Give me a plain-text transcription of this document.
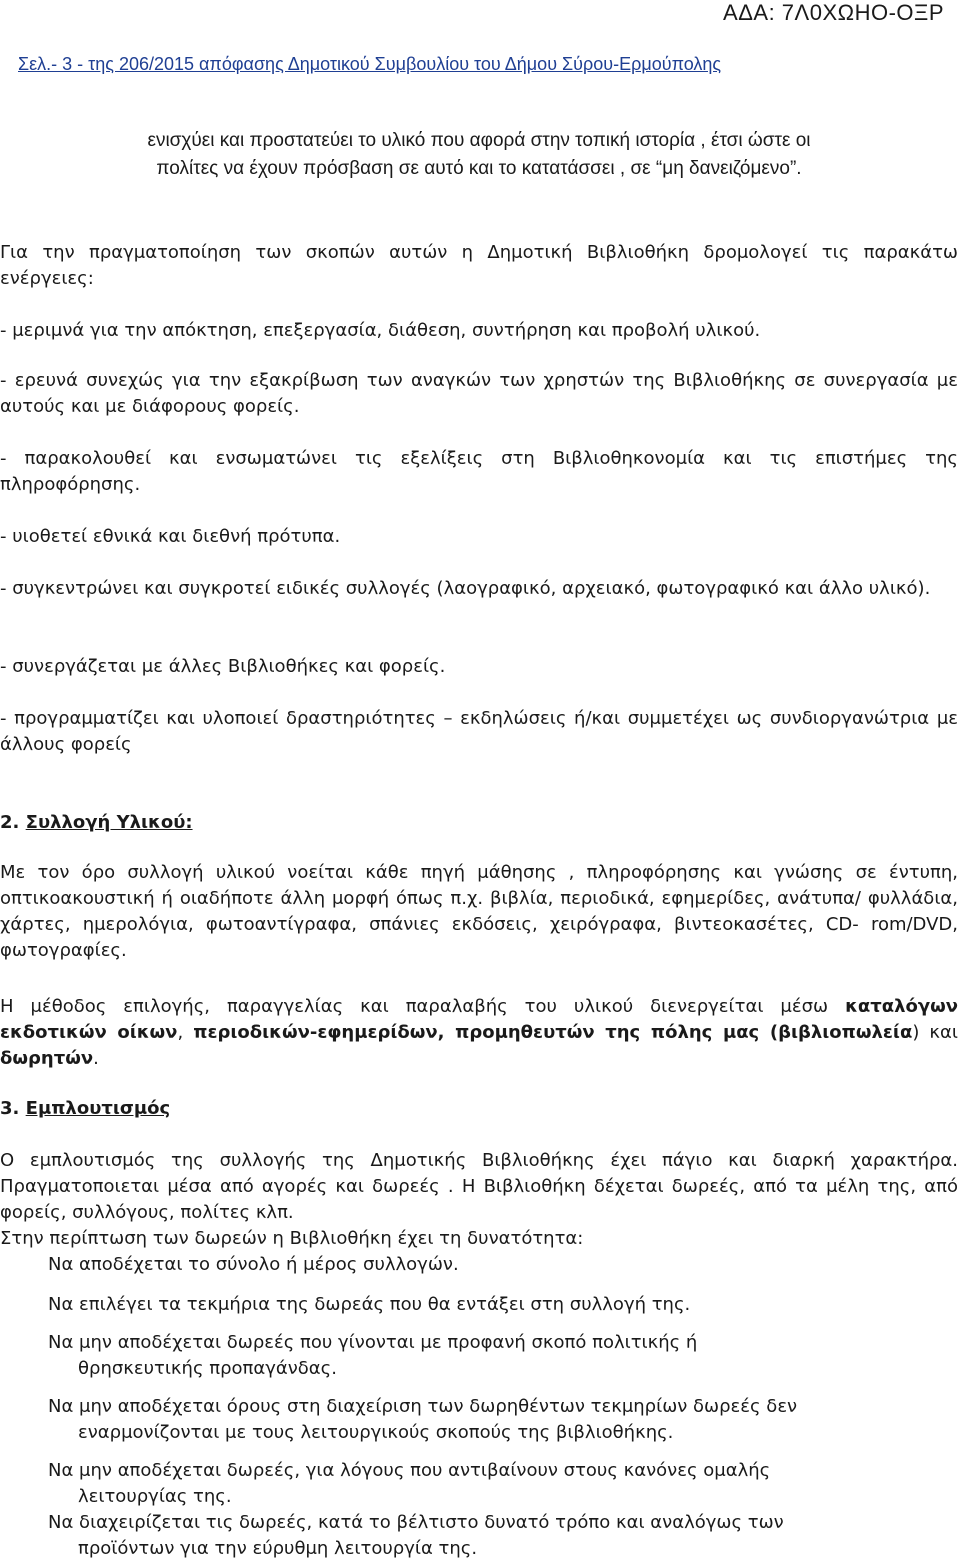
ΑΔΑ: 7Λ0ΧΩΗΟ-ΟΞΡ
Σελ.- 3 - της 206/2015 απόφασης Δημοτικού Συμβουλίου του Δήμου Σύρου-Ερμούπολης
ενισχύει και προστατεύει το υλικό που αφορά στην τοπική ιστορία , έτσι ώστε οι
πολίτες να έχουν πρόσβαση σε αυτό και το κατατάσσει , σε “μη δανειζόμενο”.
Για την πραγματοποίηση των σκοπών αυτών η Δημοτική Βιβλιοθήκη δρομολογεί τις παρακάτω ενέργειες:
- μεριμνά για την απόκτηση, επεξεργασία, διάθεση, συντήρηση και προβολή υλικού.
- ερευνά συνεχώς για την εξακρίβωση των αναγκών των χρηστών της Βιβλιοθήκης σε συνεργασία με αυτούς και με διάφορους φορείς.
- παρακολουθεί και ενσωματώνει τις εξελίξεις στη Βιβλιοθηκονομία και τις επιστήμες της πληροφόρησης.
- υιοθετεί εθνικά και διεθνή πρότυπα.
- συγκεντρώνει και συγκροτεί ειδικές συλλογές (λαογραφικό, αρχειακό, φωτογραφικό και άλλο υλικό).
- συνεργάζεται με άλλες Βιβλιοθήκες και φορείς.
- προγραμματίζει και υλοποιεί δραστηριότητες – εκδηλώσεις ή/και συμμετέχει ως συνδιοργανώτρια με άλλους φορείς
2. Συλλογή Υλικού:
Με τον όρο συλλογή υλικού νοείται κάθε πηγή μάθησης , πληροφόρησης και γνώσης σε έντυπη, οπτικοακουστική ή οιαδήποτε άλλη μορφή όπως π.χ. βιβλία, περιοδικά, εφημερίδες, ανάτυπα/ φυλλάδια, χάρτες, ημερολόγια, φωτοαντίγραφα, σπάνιες εκδόσεις, χειρόγραφα, βιντεοκασέτες, CD- rom/DVD, φωτογραφίες.
Η μέθοδος επιλογής, παραγγελίας και παραλαβής του υλικού διενεργείται μέσω καταλόγων εκδοτικών οίκων, περιοδικών-εφημερίδων, προμηθευτών της πόλης μας (βιβλιοπωλεία) και δωρητών.
3. Εμπλουτισμός
Ο εμπλουτισμός της συλλογής της Δημοτικής Βιβλιοθήκης έχει πάγιο και διαρκή χαρακτήρα. Πραγματοποιεται μέσα από αγορές και δωρεές . Η Βιβλιοθήκη δέχεται δωρεές, από τα μέλη της, από φορείς, συλλόγους, πολίτες κλπ.
Στην περίπτωση των δωρεών η Βιβλιοθήκη έχει τη δυνατότητα:
Να αποδέχεται το σύνολο ή μέρος συλλογών.
Να επιλέγει τα τεκμήρια της δωρεάς που θα εντάξει στη συλλογή της.
Να μην αποδέχεται δωρεές που γίνονται με προφανή σκοπό πολιτικής ή
θρησκευτικής προπαγάνδας.
Να μην αποδέχεται όρους στη διαχείριση των δωρηθέντων τεκμηρίων δωρεές δεν
εναρμονίζονται με τους λειτουργικούς σκοπούς της βιβλιοθήκης.
Να μην αποδέχεται δωρεές, για λόγους που αντιβαίνουν στους κανόνες ομαλής
λειτουργίας της.
Να διαχειρίζεται τις δωρεές, κατά το βέλτιστο δυνατό τρόπο και αναλόγως των
προϊόντων για την εύρυθμη λειτουργία της.
